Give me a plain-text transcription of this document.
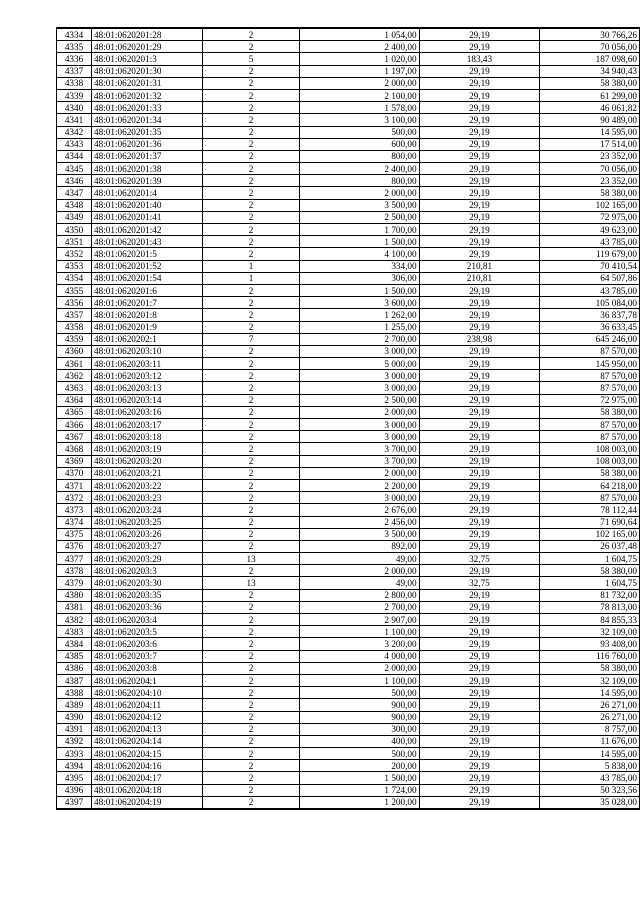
4334	48:01:0620201:28	2	1 054,00	29,19	30 766,26
4335	48:01:0620201:29	2	2 400,00	29,19	70 056,00
4336	48:01:0620201:3	5	1 020,00	183,43	187 098,60
4337	48:01:0620201:30	2	1 197,00	29,19	34 940,43
4338	48:01:0620201:31	2	2 000,00	29,19	58 380,00
4339	48:01:0620201:32	2	2 100,00	29,19	61 299,00
4340	48:01:0620201:33	2	1 578,00	29,19	46 061,82
4341	48:01:0620201:34	2	3 100,00	29,19	90 489,00
4342	48:01:0620201:35	2	500,00	29,19	14 595,00
4343	48:01:0620201:36	2	600,00	29,19	17 514,00
4344	48:01:0620201:37	2	800,00	29,19	23 352,00
4345	48:01:0620201:38	2	2 400,00	29,19	70 056,00
4346	48:01:0620201:39	2	800,00	29,19	23 352,00
4347	48:01:0620201:4	2	2 000,00	29,19	58 380,00
4348	48:01:0620201:40	2	3 500,00	29,19	102 165,00
4349	48:01:0620201:41	2	2 500,00	29,19	72 975,00
4350	48:01:0620201:42	2	1 700,00	29,19	49 623,00
4351	48:01:0620201:43	2	1 500,00	29,19	43 785,00
4352	48:01:0620201:5	2	4 100,00	29,19	119 679,00
4353	48:01:0620201:52	1	334,00	210,81	70 410,54
4354	48:01:0620201:54	1	306,00	210,81	64 507,86
4355	48:01:0620201:6	2	1 500,00	29,19	43 785,00
4356	48:01:0620201:7	2	3 600,00	29,19	105 084,00
4357	48:01:0620201:8	2	1 262,00	29,19	36 837,78
4358	48:01:0620201:9	2	1 255,00	29,19	36 633,45
4359	48:01:0620202:1	7	2 700,00	238,98	645 246,00
4360	48:01:0620203:10	2	3 000,00	29,19	87 570,00
4361	48:01:0620203:11	2	5 000,00	29,19	145 950,00
4362	48:01:0620203:12	2	3 000,00	29,19	87 570,00
4363	48:01:0620203:13	2	3 000,00	29,19	87 570,00
4364	48:01:0620203:14	2	2 500,00	29,19	72 975,00
4365	48:01:0620203:16	2	2 000,00	29,19	58 380,00
4366	48:01:0620203:17	2	3 000,00	29,19	87 570,00
4367	48:01:0620203:18	2	3 000,00	29,19	87 570,00
4368	48:01:0620203:19	2	3 700,00	29,19	108 003,00
4369	48:01:0620203:20	2	3 700,00	29,19	108 003,00
4370	48:01:0620203:21	2	2 000,00	29,19	58 380,00
4371	48:01:0620203:22	2	2 200,00	29,19	64 218,00
4372	48:01:0620203:23	2	3 000,00	29,19	87 570,00
4373	48:01:0620203:24	2	2 676,00	29,19	78 112,44
4374	48:01:0620203:25	2	2 456,00	29,19	71 690,64
4375	48:01:0620203:26	2	3 500,00	29,19	102 165,00
4376	48:01:0620203:27	2	892,00	29,19	26 037,48
4377	48:01:0620203:29	13	49,00	32,75	1 604,75
4378	48:01:0620203:3	2	2 000,00	29,19	58 380,00
4379	48:01:0620203:30	13	49,00	32,75	1 604,75
4380	48:01:0620203:35	2	2 800,00	29,19	81 732,00
4381	48:01:0620203:36	2	2 700,00	29,19	78 813,00
4382	48:01:0620203:4	2	2 907,00	29,19	84 855,33
4383	48:01:0620203:5	2	1 100,00	29,19	32 109,00
4384	48:01:0620203:6	2	3 200,00	29,19	93 408,00
4385	48:01:0620203:7	2	4 000,00	29,19	116 760,00
4386	48:01:0620203:8	2	2 000,00	29,19	58 380,00
4387	48:01:0620204:1	2	1 100,00	29,19	32 109,00
4388	48:01:0620204:10	2	500,00	29,19	14 595,00
4389	48:01:0620204:11	2	900,00	29,19	26 271,00
4390	48:01:0620204:12	2	900,00	29,19	26 271,00
4391	48:01:0620204:13	2	300,00	29,19	8 757,00
4392	48:01:0620204:14	2	400,00	29,19	11 676,00
4393	48:01:0620204:15	2	500,00	29,19	14 595,00
4394	48:01:0620204:16	2	200,00	29,19	5 838,00
4395	48:01:0620204:17	2	1 500,00	29,19	43 785,00
4396	48:01:0620204:18	2	1 724,00	29,19	50 323,56
4397	48:01:0620204:19	2	1 200,00	29,19	35 028,00
